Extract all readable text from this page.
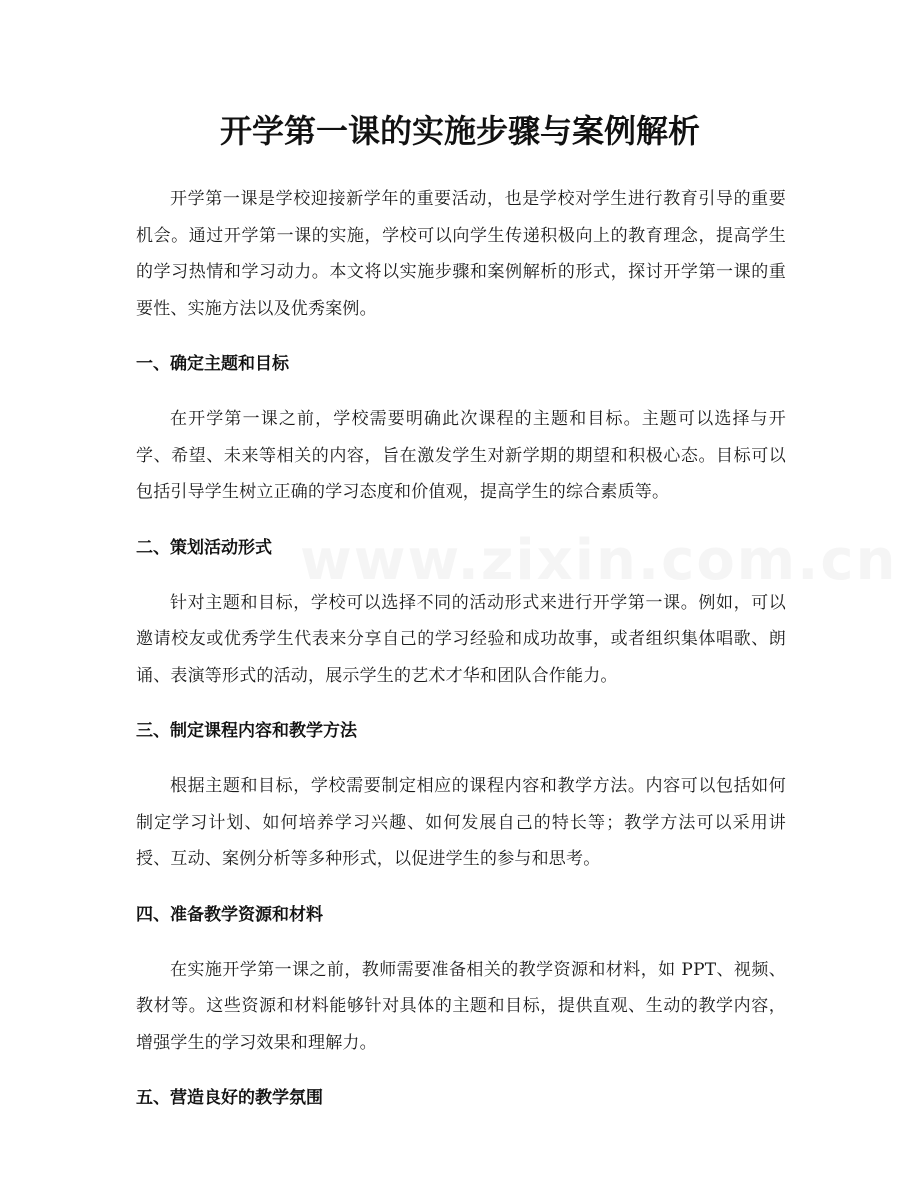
开学第一课的实施步骤与案例解析
www.zixin.com.cn

开学第一课是学校迎接新学年的重要活动，也是学校对学生进行教育引导的重要机会。通过开学第一课的实施，学校可以向学生传递积极向上的教育理念，提高学生的学习热情和学习动力。本文将以实施步骤和案例解析的形式，探讨开学第一课的重要性、实施方法以及优秀案例。

一、确定主题和目标

在开学第一课之前，学校需要明确此次课程的主题和目标。主题可以选择与开学、希望、未来等相关的内容，旨在激发学生对新学期的期望和积极心态。目标可以包括引导学生树立正确的学习态度和价值观，提高学生的综合素质等。

二、策划活动形式

针对主题和目标，学校可以选择不同的活动形式来进行开学第一课。例如，可以邀请校友或优秀学生代表来分享自己的学习经验和成功故事，或者组织集体唱歌、朗诵、表演等形式的活动，展示学生的艺术才华和团队合作能力。

三、制定课程内容和教学方法

根据主题和目标，学校需要制定相应的课程内容和教学方法。内容可以包括如何制定学习计划、如何培养学习兴趣、如何发展自己的特长等；教学方法可以采用讲授、互动、案例分析等多种形式，以促进学生的参与和思考。

四、准备教学资源和材料

在实施开学第一课之前，教师需要准备相关的教学资源和材料，如 PPT、视频、教材等。这些资源和材料能够针对具体的主题和目标，提供直观、生动的教学内容，增强学生的学习效果和理解力。

五、营造良好的教学氛围
